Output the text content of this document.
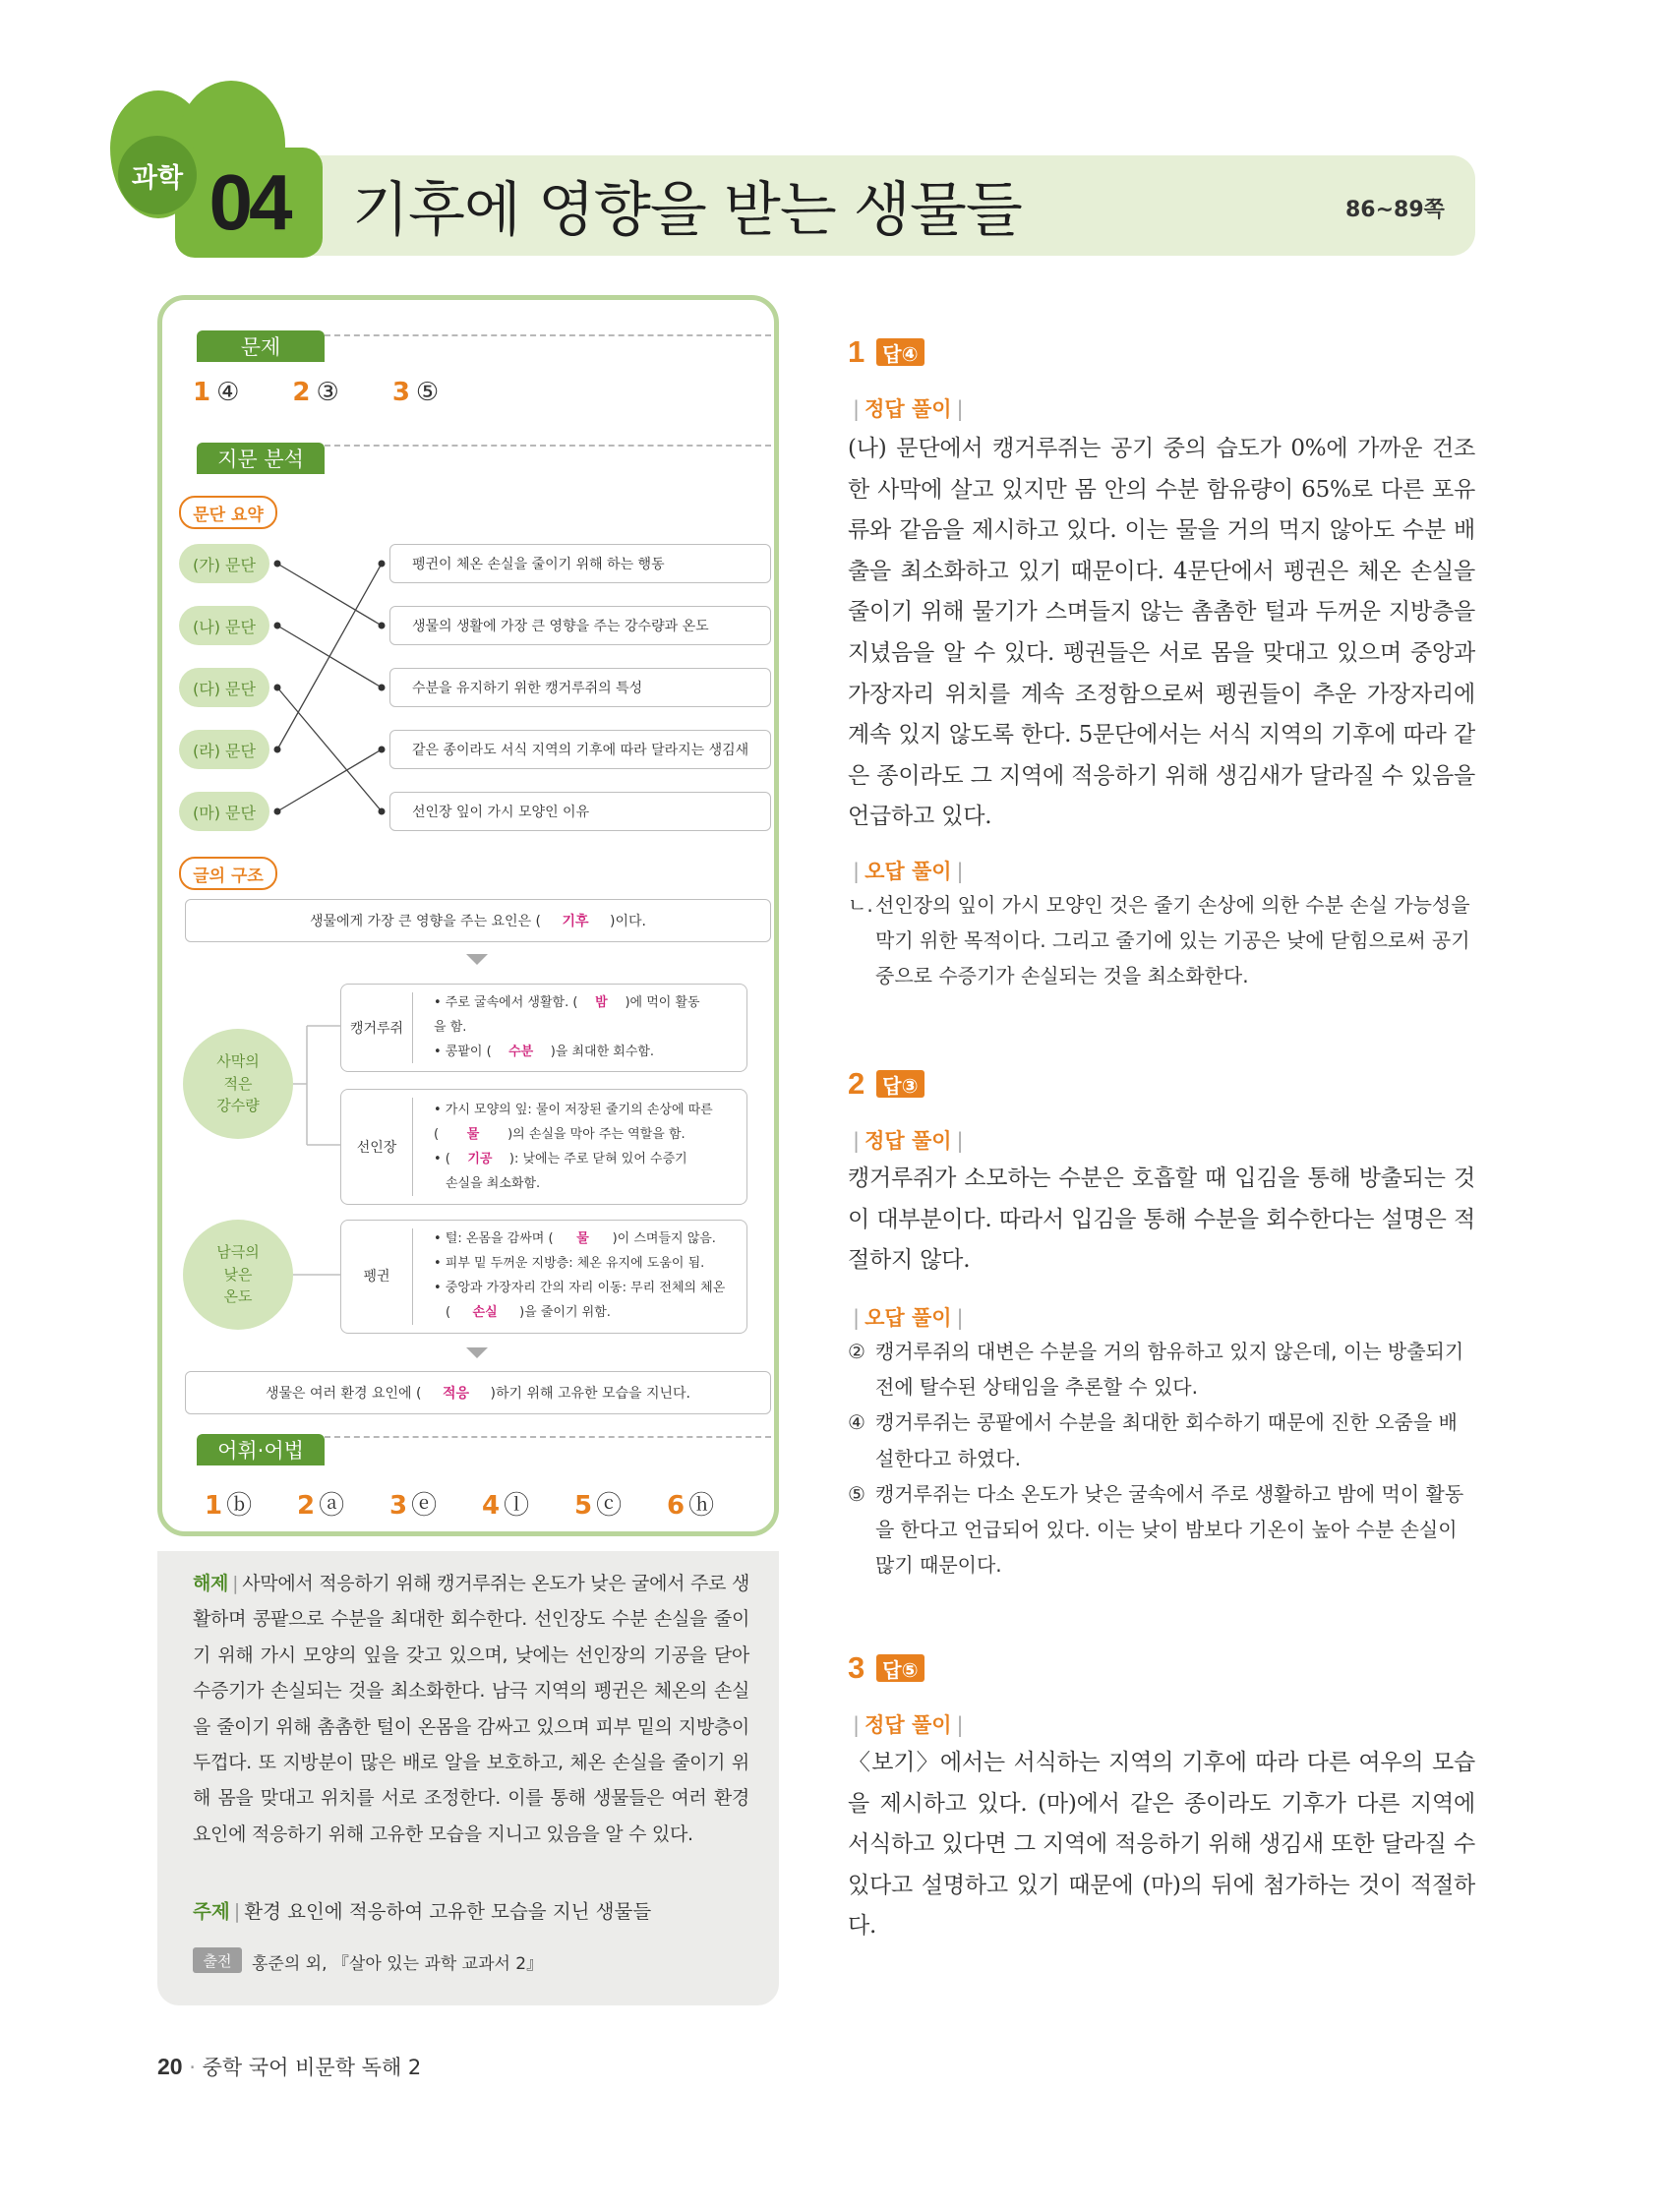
04
과학	기후에 영향을 받는 생물들	86~89쪽
문제
1 ④ 2 ③ 3 ⑤
지문 분석
문단 요약
(가) 문단
(나) 문단
(다) 문단
(라) 문단
(마) 문단
펭귄이 체온 손실을 줄이기 위해 하는 행동
생물의 생활에 가장 큰 영향을 주는 강수량과 온도
수분을 유지하기 위한 캥거루쥐의 특성
같은 종이라도 서식 지역의 기후에 따라 달라지는 생김새
선인장 잎이 가시 모양인 이유
글의 구조
생물에게 가장 큰 영향을 주는 요인은 (	기후	)이다.
사막의
적은
강수량
캥거루쥐
• 주로 굴속에서 생활함. ( 밤 )에 먹이 활동
을 함.
• 콩팥이 ( 수분 )을 최대한 회수함.
선인장
• 가시 모양의 잎: 물이 저장된 줄기의 손상에 따른
( 물 )의 손실을 막아 주는 역할을 함.
• ( 기공 ): 낮에는 주로 닫혀 있어 수증기
손실을 최소화함.
남극의
낮은
온도
펭귄
• 털: 온몸을 감싸며 ( 물 )이 스며들지 않음.
• 피부 밑 두꺼운 지방층: 체온 유지에 도움이 됨.
• 중앙과 가장자리 간의 자리 이동: 무리 전체의 체온
( 손실 )을 줄이기 위함.
생물은 여러 환경 요인에 (	적응	)하기 위해 고유한 모습을 지닌다.
어휘·어법
1 ⓑ	2 ⓐ	3 ⓔ	4 ⓛ	5 ⓒ	6 ⓗ
해제 | 사막에서 적응하기 위해 캥거루쥐는 온도가 낮은 굴에서 주로 생활하며 콩팥으로 수분을 최대한 회수한다. 선인장도 수분 손실을 줄이기 위해 가시 모양의 잎을 갖고 있으며, 낮에는 선인장의 기공을 닫아 수증기가 손실되는 것을 최소화한다. 남극 지역의 펭귄은 체온의 손실을 줄이기 위해 촘촘한 털이 온몸을 감싸고 있으며 피부 밑의 지방층이 두껍다. 또 지방분이 많은 배로 알을 보호하고, 체온 손실을 줄이기 위해 몸을 맞대고 위치를 서로 조정한다. 이를 통해 생물들은 여러 환경 요인에 적응하기 위해 고유한 모습을 지니고 있음을 알 수 있다.
주제 | 환경 요인에 적응하여 고유한 모습을 지닌 생물들
출전	홍준의 외, 『살아 있는 과학 교과서 2』
1 답④
| 정답 풀이 |
(나) 문단에서 캥거루쥐는 공기 중의 습도가 0%에 가까운 건조한 사막에 살고 있지만 몸 안의 수분 함유량이 65%로 다른 포유류와 같음을 제시하고 있다. 이는 물을 거의 먹지 않아도 수분 배출을 최소화하고 있기 때문이다. 4문단에서 펭권은 체온 손실을 줄이기 위해 물기가 스며들지 않는 촘촘한 털과 두꺼운 지방층을 지녔음을 알 수 있다. 펭권들은 서로 몸을 맞대고 있으며 중앙과 가장자리 위치를 계속 조정함으로써 펭권들이 추운 가장자리에 계속 있지 않도록 한다. 5문단에서는 서식 지역의 기후에 따라 같은 종이라도 그 지역에 적응하기 위해 생김새가 달라질 수 있음을 언급하고 있다.
| 오답 풀이 |
ㄴ. 선인장의 잎이 가시 모양인 것은 줄기 손상에 의한 수분 손실 가능성을 막기 위한 목적이다. 그리고 줄기에 있는 기공은 낮에 닫힘으로써 공기 중으로 수증기가 손실되는 것을 최소화한다.
2 답③
| 정답 풀이 |
캥거루쥐가 소모하는 수분은 호흡할 때 입김을 통해 방출되는 것이 대부분이다. 따라서 입김을 통해 수분을 회수한다는 설명은 적절하지 않다.
| 오답 풀이 |
② 캥거루쥐의 대변은 수분을 거의 함유하고 있지 않은데, 이는 방출되기 전에 탈수된 상태임을 추론할 수 있다.
④ 캥거루쥐는 콩팥에서 수분을 최대한 회수하기 때문에 진한 오줌을 배설한다고 하였다.
⑤ 캥거루쥐는 다소 온도가 낮은 굴속에서 주로 생활하고 밤에 먹이 활동을 한다고 언급되어 있다. 이는 낮이 밤보다 기온이 높아 수분 손실이 많기 때문이다.
3 답⑤
| 정답 풀이 |
〈보기〉에서는 서식하는 지역의 기후에 따라 다른 여우의 모습을 제시하고 있다. (마)에서 같은 종이라도 기후가 다른 지역에 서식하고 있다면 그 지역에 적응하기 위해 생김새 또한 달라질 수 있다고 설명하고 있기 때문에 (마)의 뒤에 첨가하는 것이 적절하다.
20 · 중학 국어 비문학 독해 2
